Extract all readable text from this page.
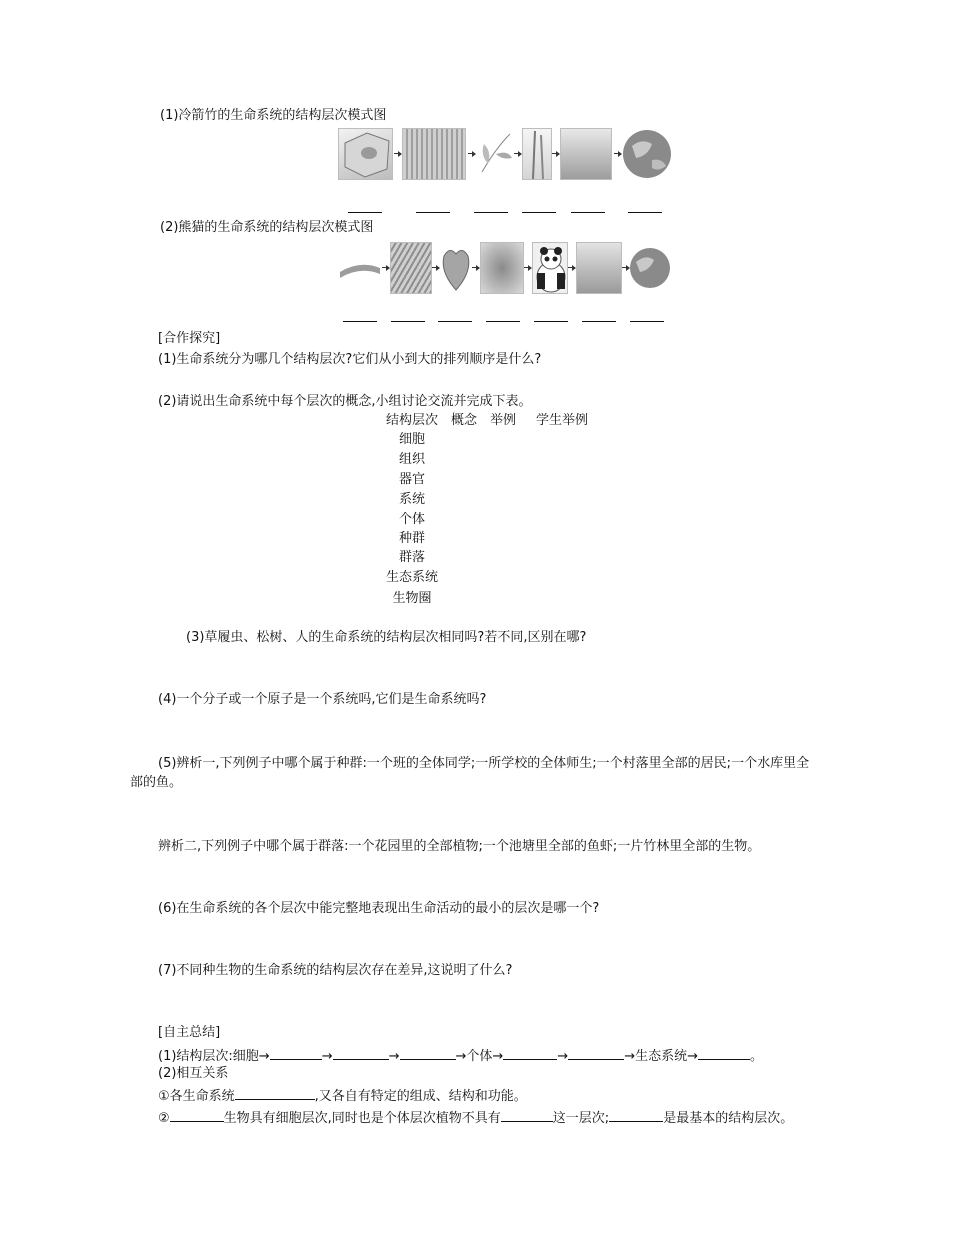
(1)冷箭竹的生命系统的结构层次模式图
(2)熊猫的生命系统的结构层次模式图
[合作探究]
(1)生命系统分为哪几个结构层次?它们从小到大的排列顺序是什么?
(2)请说出生命系统中每个层次的概念,小组讨论交流并完成下表。
结构层次 概念 举例 学生举例
细胞
组织
器官
系统
个体
种群
群落
生态系统
生物圈
(3)草履虫、松树、人的生命系统的结构层次相同吗?若不同,区别在哪?
(4)一个分子或一个原子是一个系统吗,它们是生命系统吗?
(5)辨析一,下列例子中哪个属于种群:一个班的全体同学;一所学校的全体师生;一个村落里全部的居民;一个水库里全
部的鱼。
辨析二,下列例子中哪个属于群落:一个花园里的全部植物;一个池塘里全部的鱼虾;一片竹林里全部的生物。
(6)在生命系统的各个层次中能完整地表现出生命活动的最小的层次是哪一个?
(7)不同种生物的生命系统的结构层次存在差异,这说明了什么?
[自主总结]
(1)结构层次:细胞→	→	→	→个体→	→	→生态系统→	。
(2)相互关系
①各生命系统	,又各自有特定的组成、结构和功能。
②	生物具有细胞层次,同时也是个体层次植物不具有	这一层次;	是最基本的结构层次。
